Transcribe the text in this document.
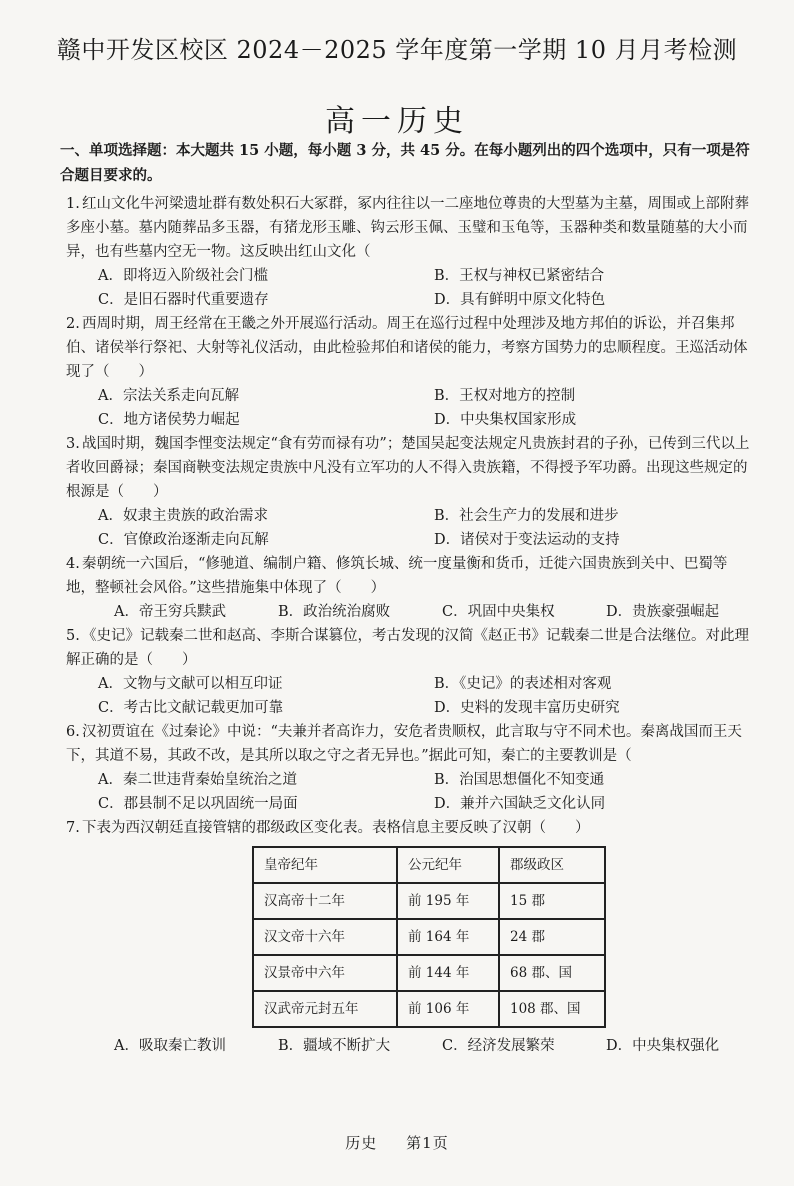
赣中开发区校区 2024－2025 学年度第一学期 10 月月考检测
高一历史
一、单项选择题：本大题共 15 小题，每小题 3 分，共 45 分。在每小题列出的四个选项中，只有一项是符合题目要求的。
1. 红山文化牛河梁遗址群有数处积石大冢群，冢内往往以一二座地位尊贵的大型墓为主墓，周围或上部附葬多座小墓。墓内随葬品多玉器，有猪龙形玉雕、钩云形玉佩、玉璧和玉龟等，玉器种类和数量随墓的大小而异，也有些墓内空无一物。这反映出红山文化（
A．即将迈入阶级社会门槛	B．王权与神权已紧密结合
C．是旧石器时代重要遗存	D．具有鲜明中原文化特色
2. 西周时期，周王经常在王畿之外开展巡行活动。周王在巡行过程中处理涉及地方邦伯的诉讼，并召集邦伯、诸侯举行祭祀、大射等礼仪活动，由此检验邦伯和诸侯的能力，考察方国势力的忠顺程度。王巡活动体现了（　　）
A．宗法关系走向瓦解	B．王权对地方的控制
C．地方诸侯势力崛起	D．中央集权国家形成
3. 战国时期，魏国李悝变法规定“食有劳而禄有功”；楚国吴起变法规定凡贵族封君的子孙，已传到三代以上者收回爵禄；秦国商鞅变法规定贵族中凡没有立军功的人不得入贵族籍，不得授予军功爵。出现这些规定的根源是（　　）
A．奴隶主贵族的政治需求	B．社会生产力的发展和进步
C．官僚政治逐渐走向瓦解	D．诸侯对于变法运动的支持
4. 秦朝统一六国后，“修驰道、编制户籍、修筑长城、统一度量衡和货币，迁徙六国贵族到关中、巴蜀等地，整顿社会风俗。”这些措施集中体现了（　　）
A．帝王穷兵黩武	B．政治统治腐败	C．巩固中央集权	D．贵族豪强崛起
5. 《史记》记载秦二世和赵高、李斯合谋篡位，考古发现的汉简《赵正书》记载秦二世是合法继位。对此理解正确的是（　　）
A．文物与文献可以相互印证	B．《史记》的表述相对客观
C．考古比文献记载更加可靠	D．史料的发现丰富历史研究
6. 汉初贾谊在《过秦论》中说：“夫兼并者高诈力，安危者贵顺权，此言取与守不同术也。秦离战国而王天下，其道不易，其政不改，是其所以取之守之者无异也。”据此可知，秦亡的主要教训是（
A．秦二世违背秦始皇统治之道	B．治国思想僵化不知变通
C．郡县制不足以巩固统一局面	D．兼并六国缺乏文化认同
7. 下表为西汉朝廷直接管辖的郡级政区变化表。表格信息主要反映了汉朝（　　）
皇帝纪年	公元纪年	郡级政区
汉高帝十二年	前 195 年	15 郡
汉文帝十六年	前 164 年	24 郡
汉景帝中六年	前 144 年	68 郡、国
汉武帝元封五年	前 106 年	108 郡、国
A．吸取秦亡教训	B．疆域不断扩大	C．经济发展繁荣	D．中央集权强化
历史 第1页
